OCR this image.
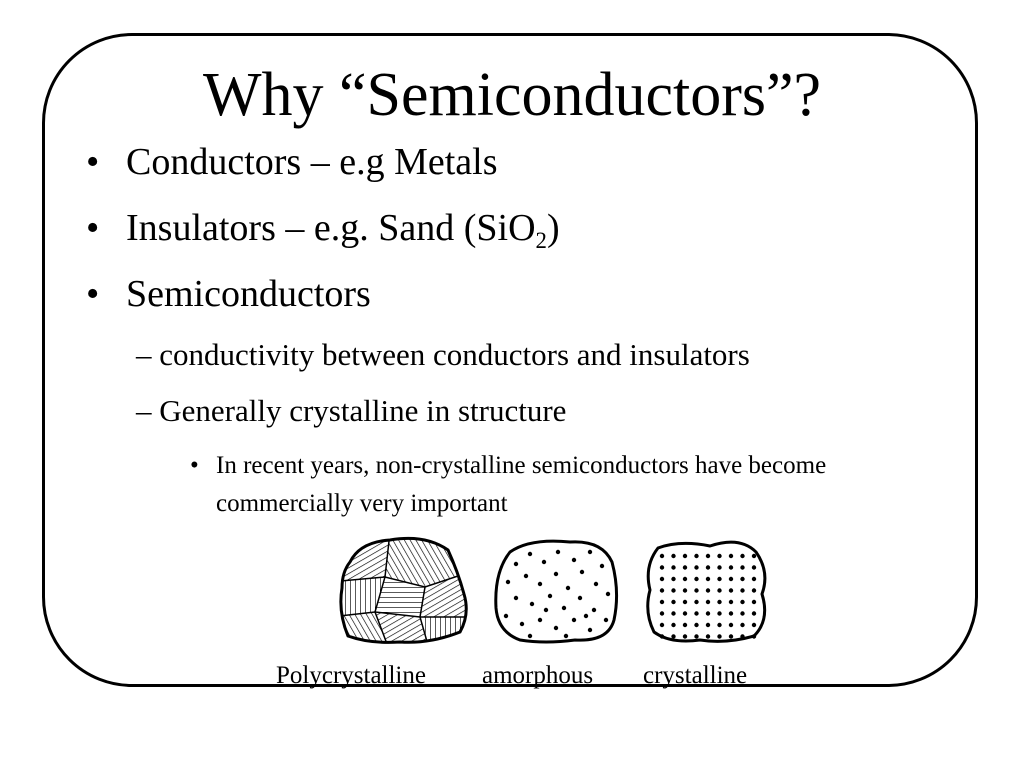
Why “Semiconductors”?
• Conductors – e.g Metals
• Insulators – e.g. Sand (SiO$_2$)
• Semiconductors
– conductivity between conductors and insulators
– Generally crystalline in structure
• In recent years, non-crystalline semiconductors have become commercially very important
Polycrystalline amorphous crystalline
